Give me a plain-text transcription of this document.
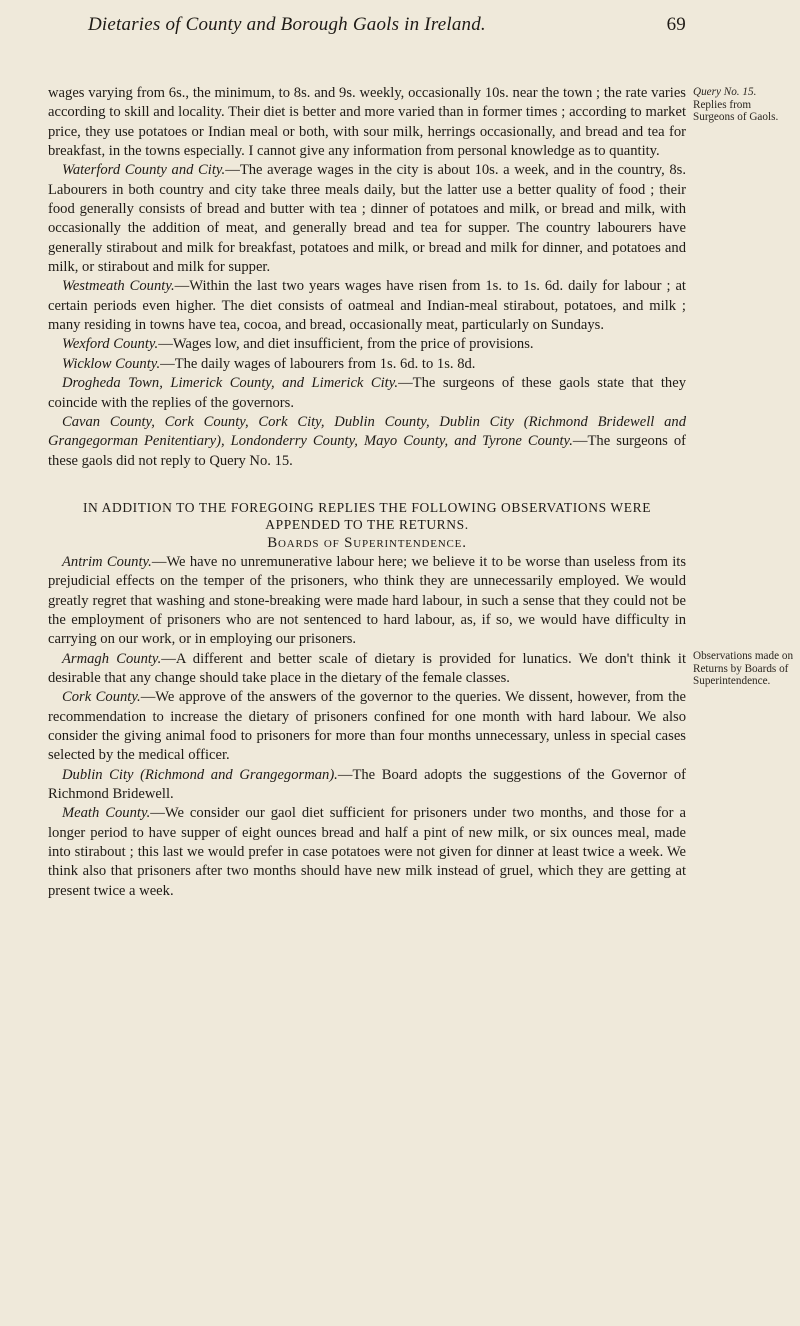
Dietaries of County and Borough Gaols in Ireland.	69
Query No. 15.
Replies from Surgeons of Gaols.
Observations made on Returns by Boards of Superintendence.

wages varying from 6s., the minimum, to 8s. and 9s. weekly, occasionally 10s. near the town ; the rate varies according to skill and locality. Their diet is better and more varied than in former times ; according to market price, they use potatoes or Indian meal or both, with sour milk, herrings occasionally, and bread and tea for breakfast, in the towns especially. I cannot give any information from personal knowledge as to quantity.

Waterford County and City.—The average wages in the city is about 10s. a week, and in the country, 8s. Labourers in both country and city take three meals daily, but the latter use a better quality of food ; their food generally consists of bread and butter with tea ; dinner of potatoes and milk, or bread and milk, with occasionally the addition of meat, and generally bread and tea for supper. The country labourers have generally stirabout and milk for breakfast, potatoes and milk, or bread and milk for dinner, and potatoes and milk, or stirabout and milk for supper.

Westmeath County.—Within the last two years wages have risen from 1s. to 1s. 6d. daily for labour ; at certain periods even higher. The diet consists of oatmeal and Indian-meal stirabout, potatoes, and milk ; many residing in towns have tea, cocoa, and bread, occasionally meat, particularly on Sundays.

Wexford County.—Wages low, and diet insufficient, from the price of provisions.

Wicklow County.—The daily wages of labourers from 1s. 6d. to 1s. 8d.

Drogheda Town, Limerick County, and Limerick City.—The surgeons of these gaols state that they coincide with the replies of the governors.

Cavan County, Cork County, Cork City, Dublin County, Dublin City (Richmond Bridewell and Grangegorman Penitentiary), Londonderry County, Mayo County, and Tyrone County.—The surgeons of these gaols did not reply to Query No. 15.

IN ADDITION TO THE FOREGOING REPLIES THE FOLLOWING OBSERVATIONS WERE APPENDED TO THE RETURNS.
Boards of Superintendence.

Antrim County.—We have no unremunerative labour here; we believe it to be worse than useless from its prejudicial effects on the temper of the prisoners, who think they are unnecessarily employed. We would greatly regret that washing and stone-breaking were made hard labour, in such a sense that they could not be the employment of prisoners who are not sentenced to hard labour, as, if so, we would have difficulty in carrying on our work, or in employing our prisoners.

Armagh County.—A different and better scale of dietary is provided for lunatics. We don't think it desirable that any change should take place in the dietary of the female classes.

Cork County.—We approve of the answers of the governor to the queries. We dissent, however, from the recommendation to increase the dietary of prisoners confined for one month with hard labour. We also consider the giving animal food to prisoners for more than four months unnecessary, unless in special cases selected by the medical officer.

Dublin City (Richmond and Grangegorman).—The Board adopts the suggestions of the Governor of Richmond Bridewell.

Meath County.—We consider our gaol diet sufficient for prisoners under two months, and those for a longer period to have supper of eight ounces bread and half a pint of new milk, or six ounces meal, made into stirabout ; this last we would prefer in case potatoes were not given for dinner at least twice a week. We think also that prisoners after two months should have new milk instead of gruel, which they are getting at present twice a week.
